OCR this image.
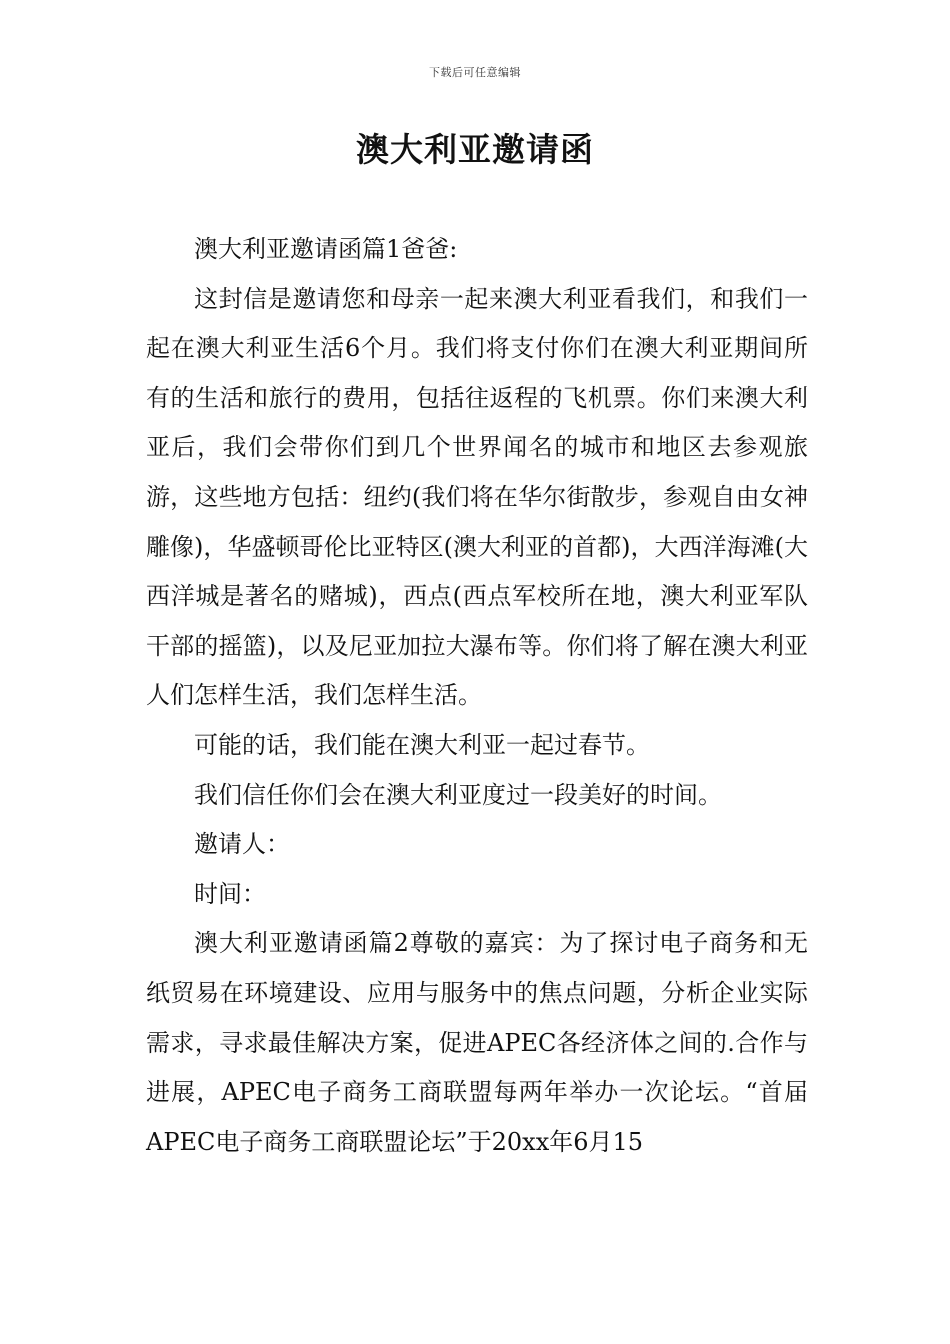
下载后可任意编辑
澳大利亚邀请函

澳大利亚邀请函篇1爸爸:

这封信是邀请您和母亲一起来澳大利亚看我们，和我们一起在澳大利亚生活6个月。我们将支付你们在澳大利亚期间所有的生活和旅行的费用，包括往返程的飞机票。你们来澳大利亚后，我们会带你们到几个世界闻名的城市和地区去参观旅游，这些地方包括：纽约(我们将在华尔街散步，参观自由女神雕像)，华盛顿哥伦比亚特区(澳大利亚的首都)，大西洋海滩(大西洋城是著名的赌城)，西点(西点军校所在地，澳大利亚军队干部的摇篮)，以及尼亚加拉大瀑布等。你们将了解在澳大利亚人们怎样生活，我们怎样生活。

可能的话，我们能在澳大利亚一起过春节。

我们信任你们会在澳大利亚度过一段美好的时间。

邀请人：

时间：

澳大利亚邀请函篇2尊敬的嘉宾：为了探讨电子商务和无纸贸易在环境建设、应用与服务中的焦点问题，分析企业实际需求，寻求最佳解决方案，促进APEC各经济体之间的.合作与进展，APEC电子商务工商联盟每两年举办一次论坛。“首届APEC电子商务工商联盟论坛”于20xx年6月15
